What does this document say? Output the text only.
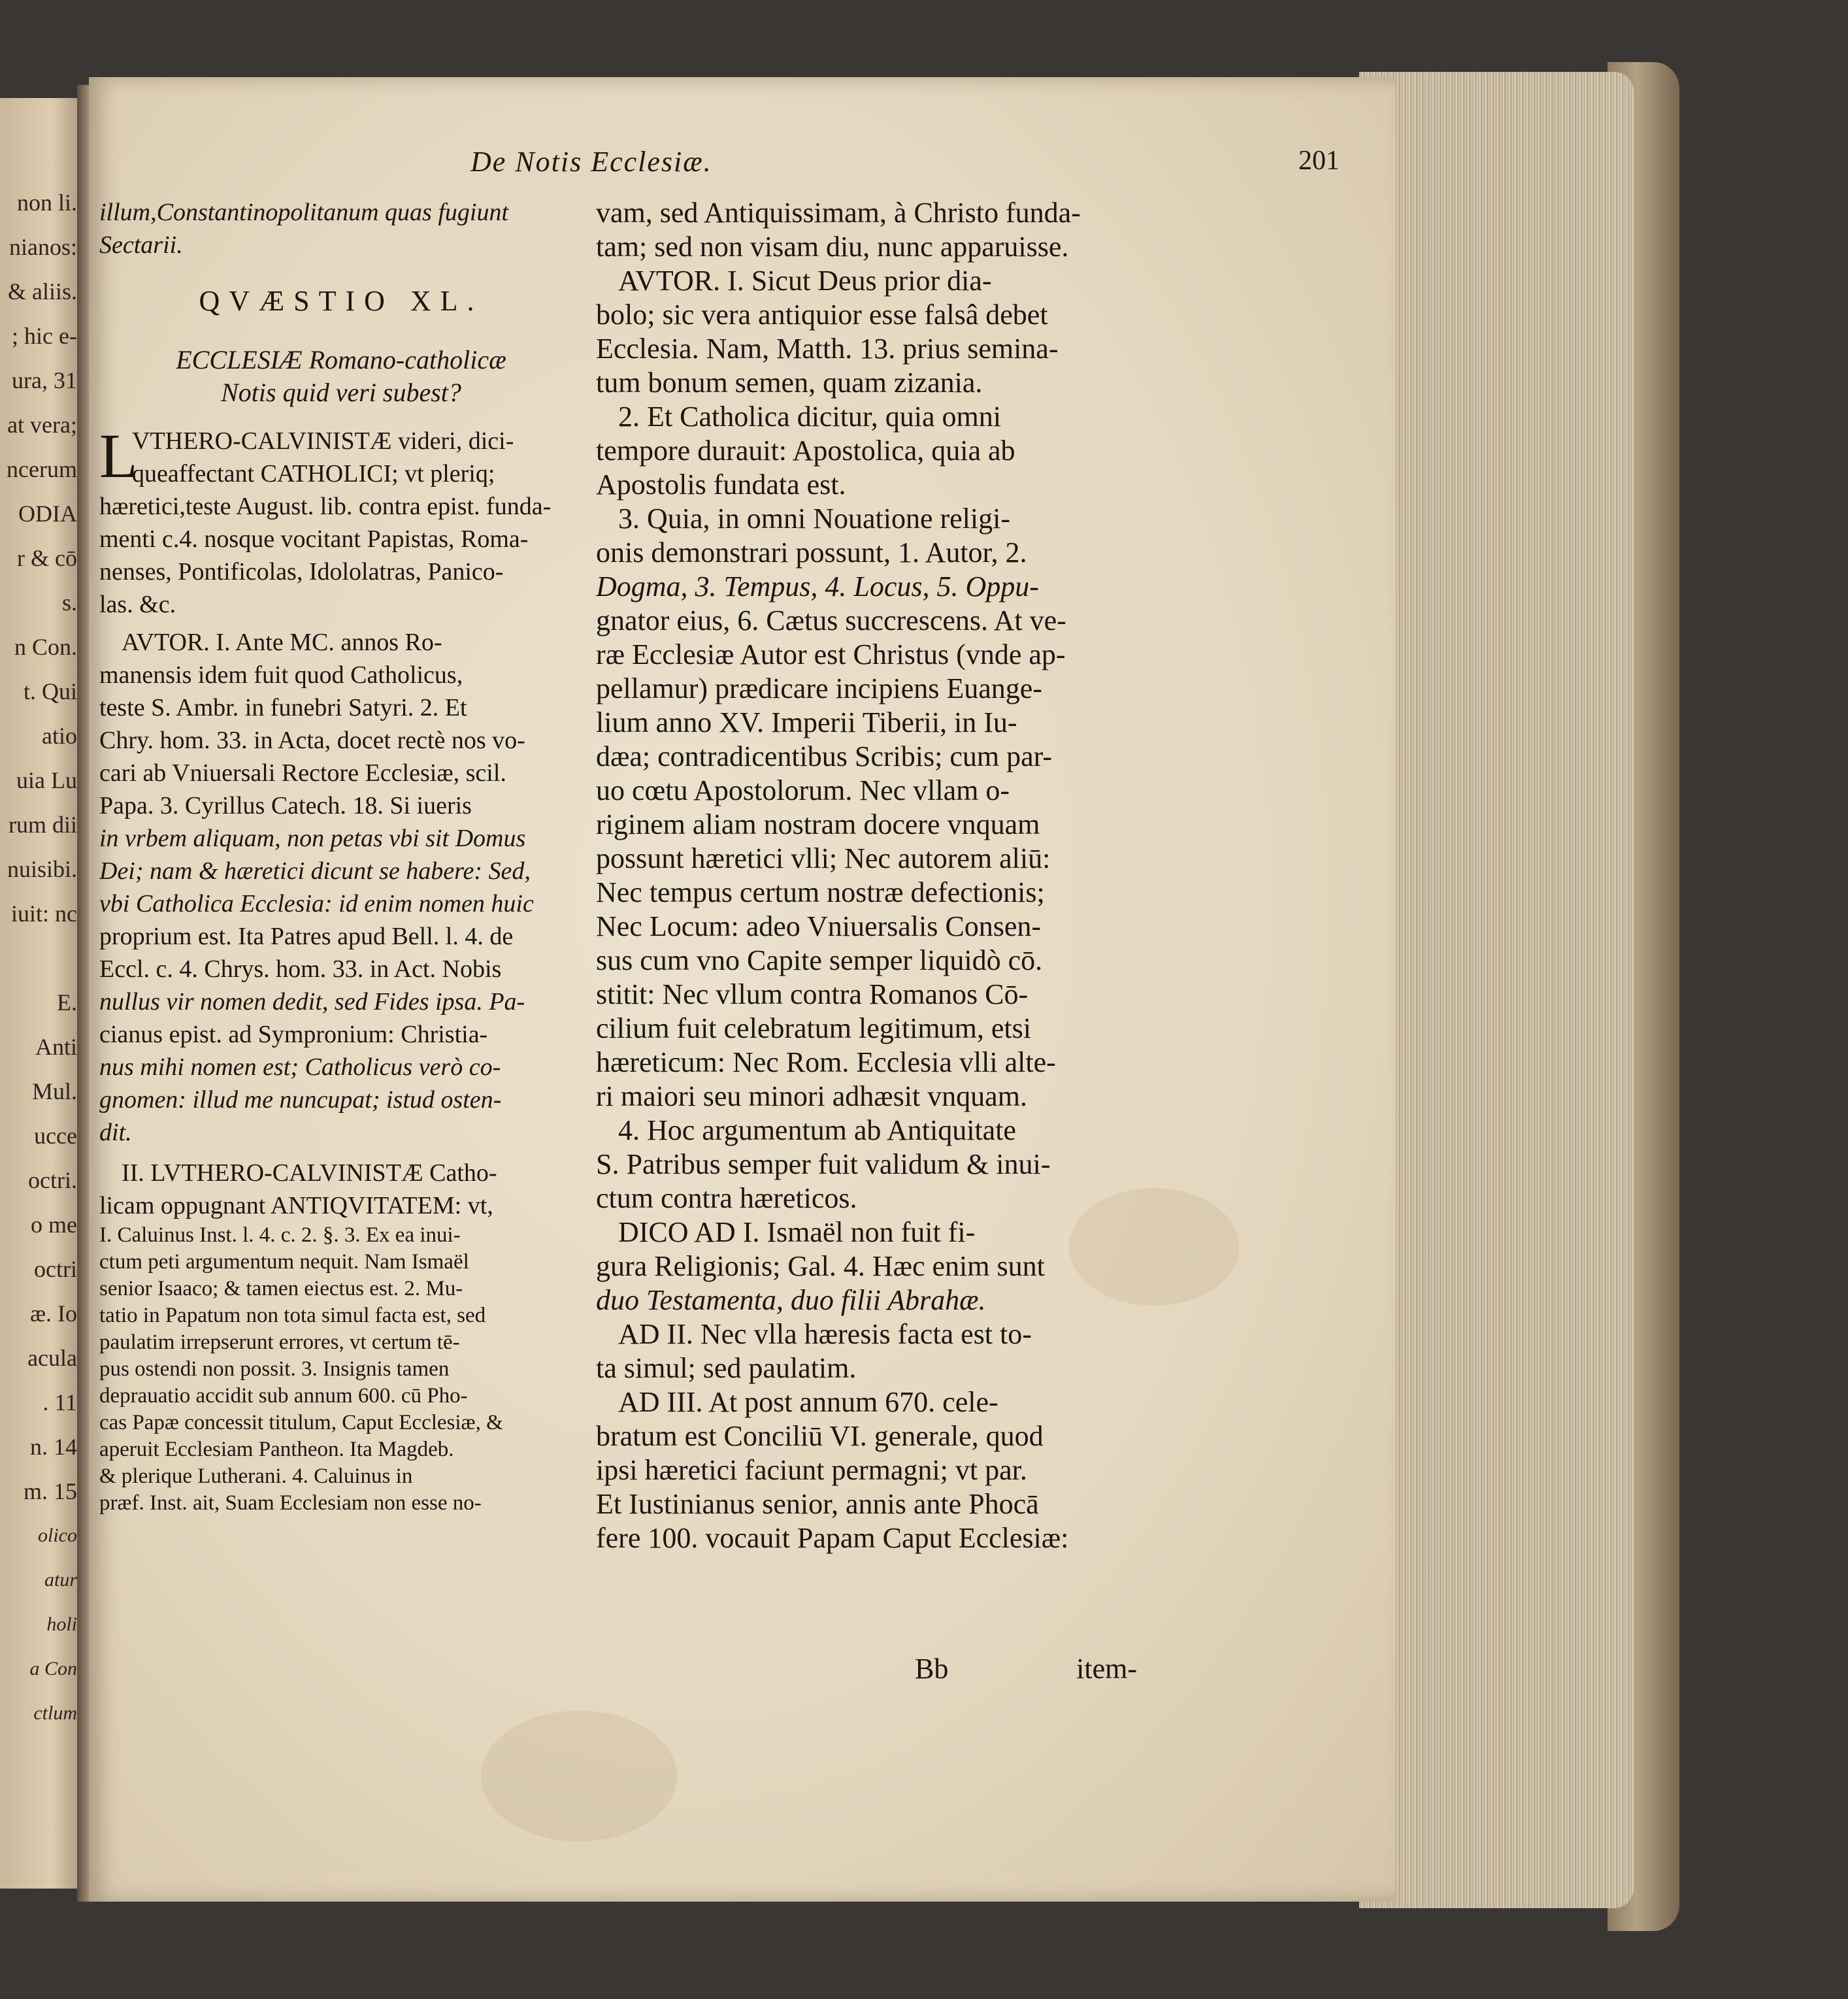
non li.
nianos:
& aliis.
; hic e-
ura, 31
at vera;
ncerum
ODIA
r & cō
s.
n Con.
t. Qui
atio
uia Lu
rum dii
nuisibi.
iuit: nc
E.
Anti
Mul.
ucce
octri.
o me
octri
æ. Io
acula
. 11
n. 14
m. 15
olico
atur
holi
a Con
ctlum
De Notis Ecclesiæ.	201
illum,Constantinopolitanum quas fugiunt
Sectarii.
QVÆSTIO XL.
ECCLESIÆ Romano-catholicæ
Notis quid veri subest?
L
VTHERO-CALVINISTÆ videri, dici-
queaffectant CATHOLICI; vt pleriq;
hæretici,teste August. lib. contra epist. funda-
menti c.4. nosque vocitant Papistas, Roma-
nenses, Pontificolas, Idololatras, Panico-
las. &c.
AVTOR. I. Ante MC. annos Ro-
manensis idem fuit quod Catholicus,
teste S. Ambr. in funebri Satyri. 2. Et
Chry. hom. 33. in Acta, docet rectè nos vo-
cari ab Vniuersali Rectore Ecclesiæ, scil.
Papa. 3. Cyrillus Catech. 18. Si iueris
in vrbem aliquam, non petas vbi sit Domus
Dei; nam & hæretici dicunt se habere: Sed,
vbi Catholica Ecclesia: id enim nomen huic
proprium est. Ita Patres apud Bell. l. 4. de
Eccl. c. 4. Chrys. hom. 33. in Act. Nobis
nullus vir nomen dedit, sed Fides ipsa. Pa-
cianus epist. ad Sympronium: Christia-
nus mihi nomen est; Catholicus verò co-
gnomen: illud me nuncupat; istud osten-
dit.
II. LVTHERO-CALVINISTÆ Catho-
licam oppugnant ANTIQVITATEM: vt,
I. Caluinus Inst. l. 4. c. 2. §. 3. Ex ea inui-
ctum peti argumentum nequit. Nam Ismaël
senior Isaaco; & tamen eiectus est. 2. Mu-
tatio in Papatum non tota simul facta est, sed
paulatim irrepserunt errores, vt certum tē-
pus ostendi non possit. 3. Insignis tamen
deprauatio accidit sub annum 600. cū Pho-
cas Papæ concessit titulum, Caput Ecclesiæ, &
aperuit Ecclesiam Pantheon. Ita Magdeb.
& plerique Lutherani. 4. Caluinus in
præf. Inst. ait, Suam Ecclesiam non esse no-
vam, sed Antiquissimam, à Christo funda-
tam; sed non visam diu, nunc apparuisse.
AVTOR. I. Sicut Deus prior dia-
bolo; sic vera antiquior esse falsâ debet
Ecclesia. Nam, Matth. 13. prius semina-
tum bonum semen, quam zizania.
2. Et Catholica dicitur, quia omni
tempore durauit: Apostolica, quia ab
Apostolis fundata est.
3. Quia, in omni Nouatione religi-
onis demonstrari possunt, 1. Autor, 2.
Dogma, 3. Tempus, 4. Locus, 5. Oppu-
gnator eius, 6. Cætus succrescens. At ve-
ræ Ecclesiæ Autor est Christus (vnde ap-
pellamur) prædicare incipiens Euange-
lium anno XV. Imperii Tiberii, in Iu-
dæa; contradicentibus Scribis; cum par-
uo cœtu Apostolorum. Nec vllam o-
riginem aliam nostram docere vnquam
possunt hæretici vlli; Nec autorem aliū:
Nec tempus certum nostræ defectionis;
Nec Locum: adeo Vniuersalis Consen-
sus cum vno Capite semper liquidò cō.
stitit: Nec vllum contra Romanos Cō-
cilium fuit celebratum legitimum, etsi
hæreticum: Nec Rom. Ecclesia vlli alte-
ri maiori seu minori adhæsit vnquam.
4. Hoc argumentum ab Antiquitate
S. Patribus semper fuit validum & inui-
ctum contra hæreticos.
DICO AD I. Ismaël non fuit fi-
gura Religionis; Gal. 4. Hæc enim sunt
duo Testamenta, duo filii Abrahæ.
AD II. Nec vlla hæresis facta est to-
ta simul; sed paulatim.
AD III. At post annum 670. cele-
bratum est Conciliū VI. generale, quod
ipsi hæretici faciunt permagni; vt par.
Et Iustinianus senior, annis ante Phocā
fere 100. vocauit Papam Caput Ecclesiæ:
Bb	item-
